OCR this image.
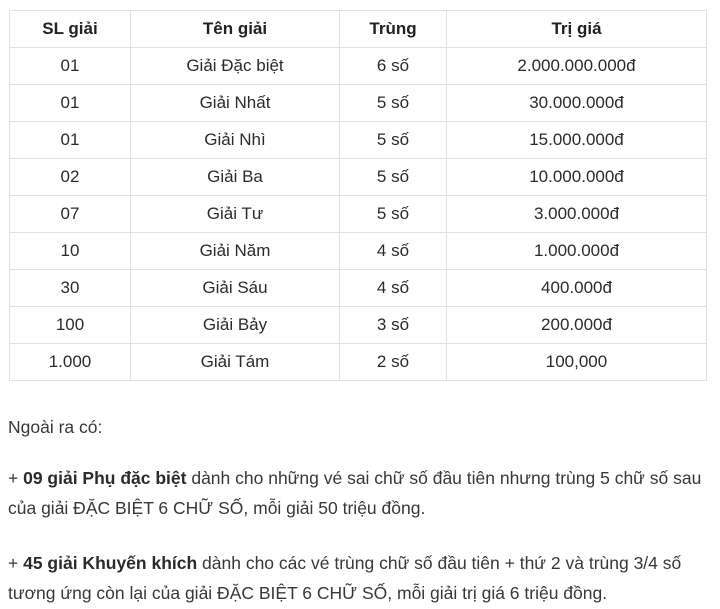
SL giải	Tên giải	Trùng	Trị giá
01	Giải Đặc biệt	6 số	2.000.000.000đ
01	Giải Nhất	5 số	30.000.000đ
01	Giải Nhì	5 số	15.000.000đ
02	Giải Ba	5 số	10.000.000đ
07	Giải Tư	5 số	3.000.000đ
10	Giải Năm	4 số	1.000.000đ
30	Giải Sáu	4 số	400.000đ
100	Giải Bảy	3 số	200.000đ
1.000	Giải Tám	2 số	100,000

Ngoài ra có:

+ 09 giải Phụ đặc biệt dành cho những vé sai chữ số đầu tiên nhưng trùng 5 chữ số sau của giải ĐẶC BIỆT 6 CHỮ SỐ, mỗi giải 50 triệu đồng.

+ 45 giải Khuyến khích dành cho các vé trùng chữ số đầu tiên + thứ 2 và trùng 3/4 số tương ứng còn lại của giải ĐẶC BIỆT 6 CHỮ SỐ, mỗi giải trị giá 6 triệu đồng.
